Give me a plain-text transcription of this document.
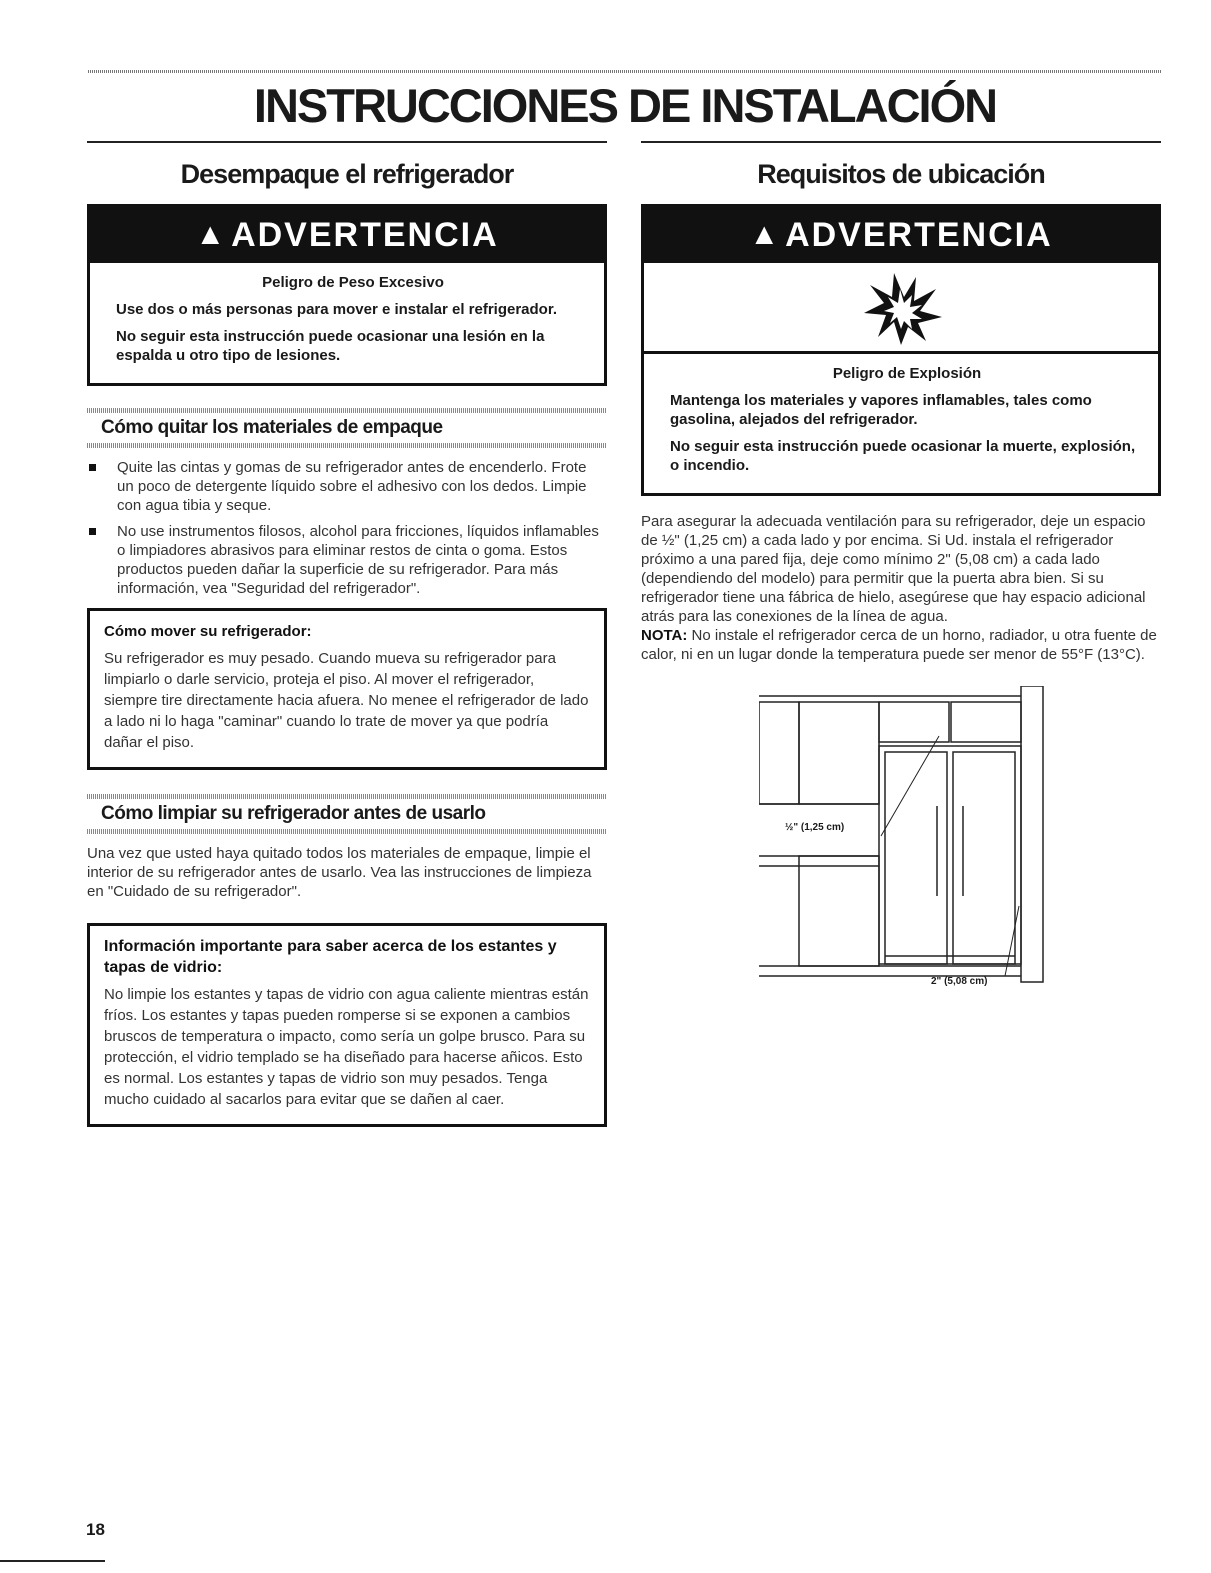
INSTRUCCIONES DE INSTALACIÓN
Desempaque el refrigerador
▲ ADVERTENCIA

Peligro de Peso Excesivo

Use dos o más personas para mover e instalar el refrigerador.

No seguir esta instrucción puede ocasionar una lesión en la espalda u otro tipo de lesiones.

Cómo quitar los materiales de empaque
Quite las cintas y gomas de su refrigerador antes de encenderlo. Frote un poco de detergente líquido sobre el adhesivo con los dedos. Limpie con agua tibia y seque.
No use instrumentos filosos, alcohol para fricciones, líquidos inflamables o limpiadores abrasivos para eliminar restos de cinta o goma. Estos productos pueden dañar la superficie de su refrigerador. Para más información, vea "Seguridad del refrigerador".

Cómo mover su refrigerador:

Su refrigerador es muy pesado. Cuando mueva su refrigerador para limpiarlo o darle servicio, proteja el piso. Al mover el refrigerador, siempre tire directamente hacia afuera. No menee el refrigerador de lado a lado ni lo haga "caminar" cuando lo trate de mover ya que podría dañar el piso.
Cómo limpiar su refrigerador antes de usarlo

Una vez que usted haya quitado todos los materiales de empaque, limpie el interior de su refrigerador antes de usarlo. Vea las instrucciones de limpieza en "Cuidado de su refrigerador".

Información importante para saber acerca de los estantes y tapas de vidrio:

No limpie los estantes y tapas de vidrio con agua caliente mientras están fríos. Los estantes y tapas pueden romperse si se exponen a cambios bruscos de temperatura o impacto, como sería un golpe brusco. Para su protección, el vidrio templado se ha diseñado para hacerse añicos. Esto es normal. Los estantes y tapas de vidrio son muy pesados. Tenga mucho cuidado al sacarlos para evitar que se dañen al caer.
Requisitos de ubicación
▲ ADVERTENCIA

Peligro de Explosión

Mantenga los materiales y vapores inflamables, tales como gasolina, alejados del refrigerador.

No seguir esta instrucción puede ocasionar la muerte, explosión, o incendio.

Para asegurar la adecuada ventilación para su refrigerador, deje un espacio de ½" (1,25 cm) a cada lado y por encima. Si Ud. instala el refrigerador próximo a una pared fija, deje como mínimo 2" (5,08 cm) a cada lado (dependiendo del modelo) para permitir que la puerta abra bien. Si su refrigerador tiene una fábrica de hielo, asegúrese que hay espacio adicional atrás para las conexiones de la línea de agua.

NOTA: No instale el refrigerador cerca de un horno, radiador, u otra fuente de calor, ni en un lugar donde la temperatura puede ser menor de 55°F (13°C).

½" (1,25 cm)
2" (5,08 cm)
18
